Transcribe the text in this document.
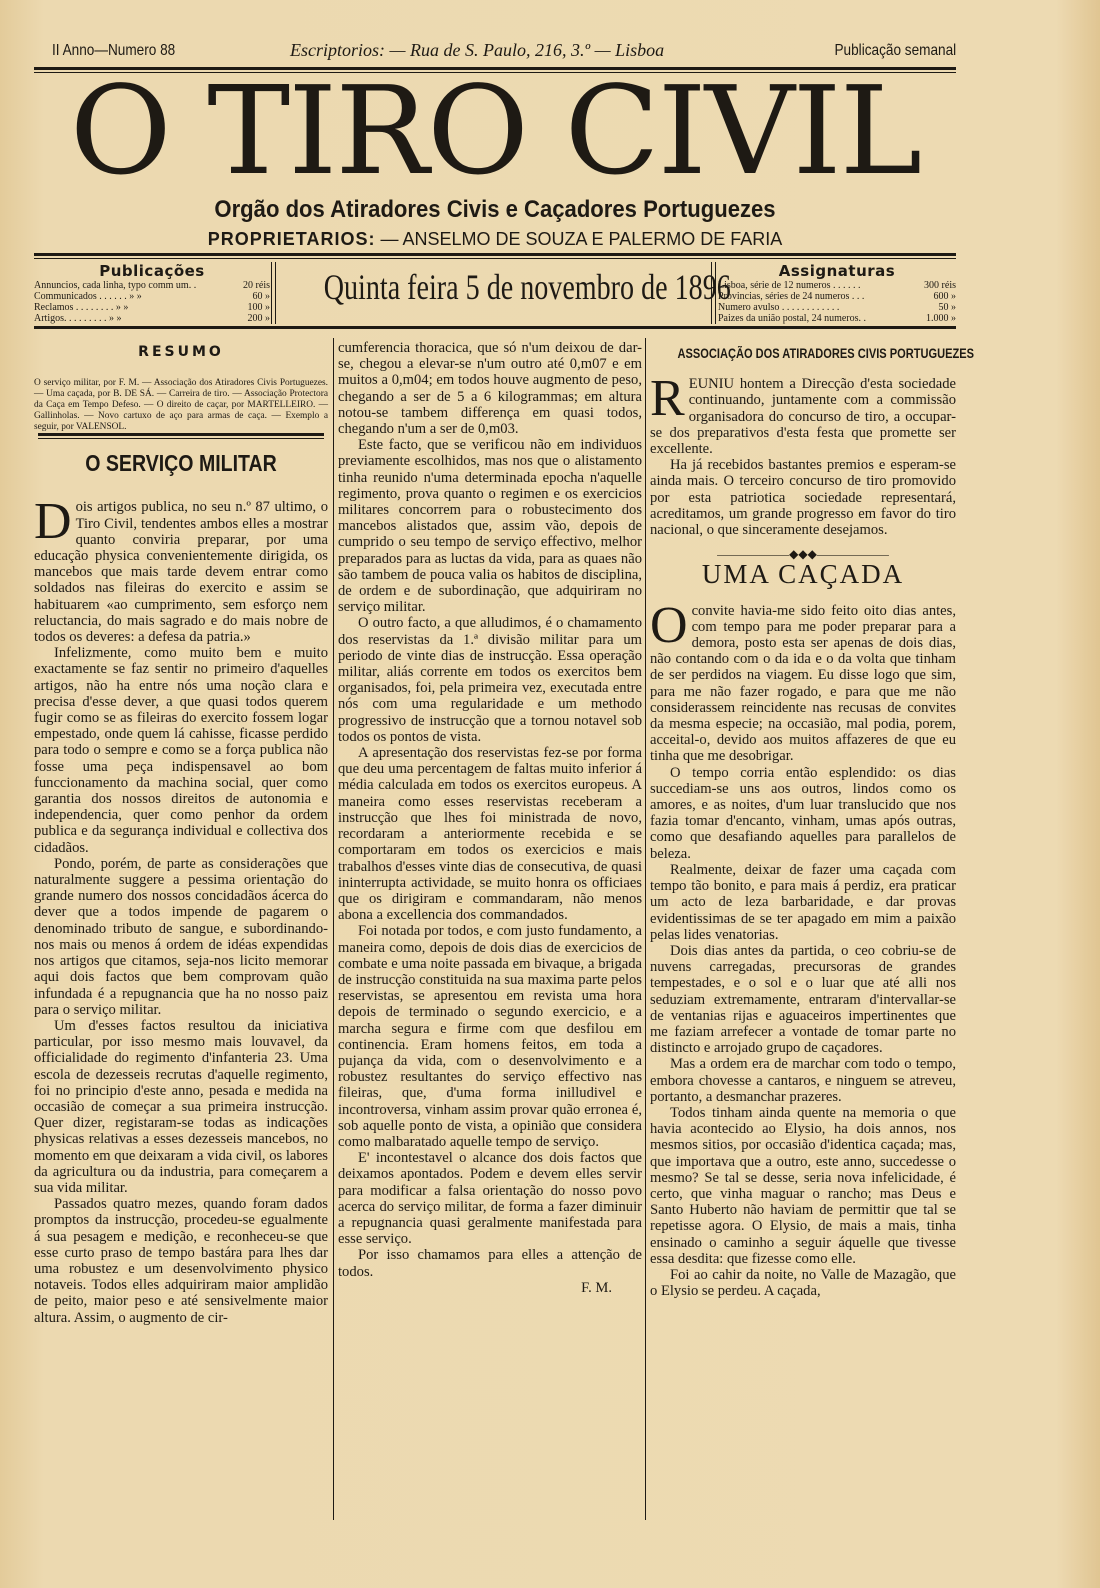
II Anno—Numero 88	Escriptorios: — Rua de S. Paulo, 216, 3.º — Lisboa	Publicação semanal
O TIRO CIVIL
Orgão dos Atiradores Civis e Caçadores Portuguezes
PROPRIETARIOS: — ANSELMO DE SOUZA E PALERMO DE FARIA
Publicações
Annuncios, cada linha, typo comm um. .	20 réis
Communicados . . . . . . » »	60 »
Reclamos . . . . . . . . » »	100 »
Artigos. . . . . . . . . » »	200 »
Quinta feira 5 de novembro de 1896	Assignaturas
Lisboa, série de 12 numeros . . . . . .	300 réis
Provincias, séries de 24 numeros . . .	600 »
Numero avulso . . . . . . . . . . . .	50 »
Paizes da união postal, 24 numeros. .	1.000 »
RESUMO

O serviço militar, por F. M. — Associação dos Atiradores Civis Portuguezes. — Uma caçada, por B. DE SÁ. — Carreira de tiro. — Associação Protectora da Caça em Tempo Defeso. — O direito de caçar, por MARTELLEIRO. — Gallinholas. — Novo cartuxo de aço para armas de caça. — Exemplo a seguir, por VALENSOL.

O SERVIÇO MILITAR

Dois artigos publica, no seu n.º 87 ultimo, o Tiro Civil, tendentes ambos elles a mostrar quanto conviria preparar, por uma educação physica convenientemente dirigida, os mancebos que mais tarde devem entrar como soldados nas fileiras do exercito e assim se habituarem «ao cumprimento, sem esforço nem reluctancia, do mais sagrado e do mais nobre de todos os deveres: a defesa da patria.»

Infelizmente, como muito bem e muito exactamente se faz sentir no primeiro d'aquelles artigos, não ha entre nós uma noção clara e precisa d'esse dever, a que quasi todos querem fugir como se as fileiras do exercito fossem logar empestado, onde quem lá cahisse, ficasse perdido para todo o sempre e como se a força publica não fosse uma peça indispensavel ao bom funccionamento da machina social, quer como garantia dos nossos direitos de autonomia e independencia, quer como penhor da ordem publica e da segurança individual e collectiva dos cidadãos.

Pondo, porém, de parte as considerações que naturalmente suggere a pessima orientação do grande numero dos nossos concidadãos ácerca do dever que a todos impende de pagarem o denominado tributo de sangue, e subordinando-nos mais ou menos á ordem de idéas expendidas nos artigos que citamos, seja-nos licito memorar aqui dois factos que bem comprovam quão infundada é a repugnancia que ha no nosso paiz para o serviço militar.

Um d'esses factos resultou da iniciativa particular, por isso mesmo mais louvavel, da officialidade do regimento d'infanteria 23. Uma escola de dezesseis recrutas d'aquelle regimento, foi no principio d'este anno, pesada e medida na occasião de começar a sua primeira instrucção. Quer dizer, registaram-se todas as indicações physicas relativas a esses dezesseis mancebos, no momento em que deixaram a vida civil, os labores da agricultura ou da industria, para começarem a sua vida militar.

Passados quatro mezes, quando foram dados promptos da instrucção, procedeu-se egualmente á sua pesagem e medição, e reconheceu-se que esse curto praso de tempo bastára para lhes dar uma robustez e um desenvolvimento physico notaveis. Todos elles adquiriram maior amplidão de peito, maior peso e até sensivelmente maior altura. Assim, o augmento de cir-

cumferencia thoracica, que só n'um deixou de dar-se, chegou a elevar-se n'um outro até 0,m07 e em muitos a 0,m04; em todos houve augmento de peso, chegando a ser de 5 a 6 kilogrammas; em altura notou-se tambem differença em quasi todos, chegando n'um a ser de 0,m03.

Este facto, que se verificou não em individuos previamente escolhidos, mas nos que o alistamento tinha reunido n'uma determinada epocha n'aquelle regimento, prova quanto o regimen e os exercicios militares concorrem para o robustecimento dos mancebos alistados que, assim vão, depois de cumprido o seu tempo de serviço effectivo, melhor preparados para as luctas da vida, para as quaes não são tambem de pouca valia os habitos de disciplina, de ordem e de subordinação, que adquiriram no serviço militar.

O outro facto, a que alludimos, é o chamamento dos reservistas da 1.ª divisão militar para um periodo de vinte dias de instrucção. Essa operação militar, aliás corrente em todos os exercitos bem organisados, foi, pela primeira vez, executada entre nós com uma regularidade e um methodo progressivo de instrucção que a tornou notavel sob todos os pontos de vista.

A apresentação dos reservistas fez-se por forma que deu uma percentagem de faltas muito inferior á média calculada em todos os exercitos europeus. A maneira como esses reservistas receberam a instrucção que lhes foi ministrada de novo, recordaram a anteriormente recebida e se comportaram em todos os exercicios e mais trabalhos d'esses vinte dias de consecutiva, de quasi ininterrupta actividade, se muito honra os officiaes que os dirigiram e commandaram, não menos abona a excellencia dos commandados.

Foi notada por todos, e com justo fundamento, a maneira como, depois de dois dias de exercicios de combate e uma noite passada em bivaque, a brigada de instrucção constituida na sua maxima parte pelos reservistas, se apresentou em revista uma hora depois de terminado o segundo exercicio, e a marcha segura e firme com que desfilou em continencia. Eram homens feitos, em toda a pujança da vida, com o desenvolvimento e a robustez resultantes do serviço effectivo nas fileiras, que, d'uma forma inilludivel e incontroversa, vinham assim provar quão erronea é, sob aquelle ponto de vista, a opinião que considera como malbaratado aquelle tempo de serviço.

E' incontestavel o alcance dos dois factos que deixamos apontados. Podem e devem elles servir para modificar a falsa orientação do nosso povo acerca do serviço militar, de forma a fazer diminuir a repugnancia quasi geralmente manifestada para esse serviço.

Por isso chamamos para elles a attenção de todos.

F. M.

ASSOCIAÇÃO DOS ATIRADORES CIVIS PORTUGUEZES

REUNIU hontem a Direcção d'esta sociedade continuando, juntamente com a commissão organisadora do concurso de tiro, a occupar-se dos preparativos d'esta festa que promette ser excellente.

Ha já recebidos bastantes premios e esperam-se ainda mais. O terceiro concurso de tiro promovido por esta patriotica sociedade representará, acreditamos, um grande progresso em favor do tiro nacional, o que sinceramente desejamos.

——————◆◆◆——————
UMA CAÇADA

Oconvite havia-me sido feito oito dias antes, com tempo para me poder preparar para a demora, posto esta ser apenas de dois dias, não contando com o da ida e o da volta que tinham de ser perdidos na viagem. Eu disse logo que sim, para me não fazer rogado, e para que me não considerassem reincidente nas recusas de convites da mesma especie; na occasião, mal podia, porem, acceital-o, devido aos muitos affazeres de que eu tinha que me desobrigar.

O tempo corria então esplendido: os dias succediam-se uns aos outros, lindos como os amores, e as noites, d'um luar translucido que nos fazia tomar d'encanto, vinham, umas após outras, como que desafiando aquelles para parallelos de beleza.

Realmente, deixar de fazer uma caçada com tempo tão bonito, e para mais á perdiz, era praticar um acto de leza barbaridade, e dar provas evidentissimas de se ter apagado em mim a paixão pelas lides venatorias.

Dois dias antes da partida, o ceo cobriu-se de nuvens carregadas, precursoras de grandes tempestades, e o sol e o luar que até alli nos seduziam extremamente, entraram d'intervallar-se de ventanias rijas e aguaceiros impertinentes que me faziam arrefecer a vontade de tomar parte no distincto e arrojado grupo de caçadores.

Mas a ordem era de marchar com todo o tempo, embora chovesse a cantaros, e ninguem se atreveu, portanto, a desmanchar prazeres.

Todos tinham ainda quente na memoria o que havia acontecido ao Elysio, ha dois annos, nos mesmos sitios, por occasião d'identica caçada; mas, que importava que a outro, este anno, succedesse o mesmo? Se tal se desse, seria nova infelicidade, é certo, que vinha maguar o rancho; mas Deus e Santo Huberto não haviam de permittir que tal se repetisse agora. O Elysio, de mais a mais, tinha ensinado o caminho a seguir áquelle que tivesse essa desdita: que fizesse como elle.

Foi ao cahir da noite, no Valle de Mazagão, que o Elysio se perdeu. A caçada,
